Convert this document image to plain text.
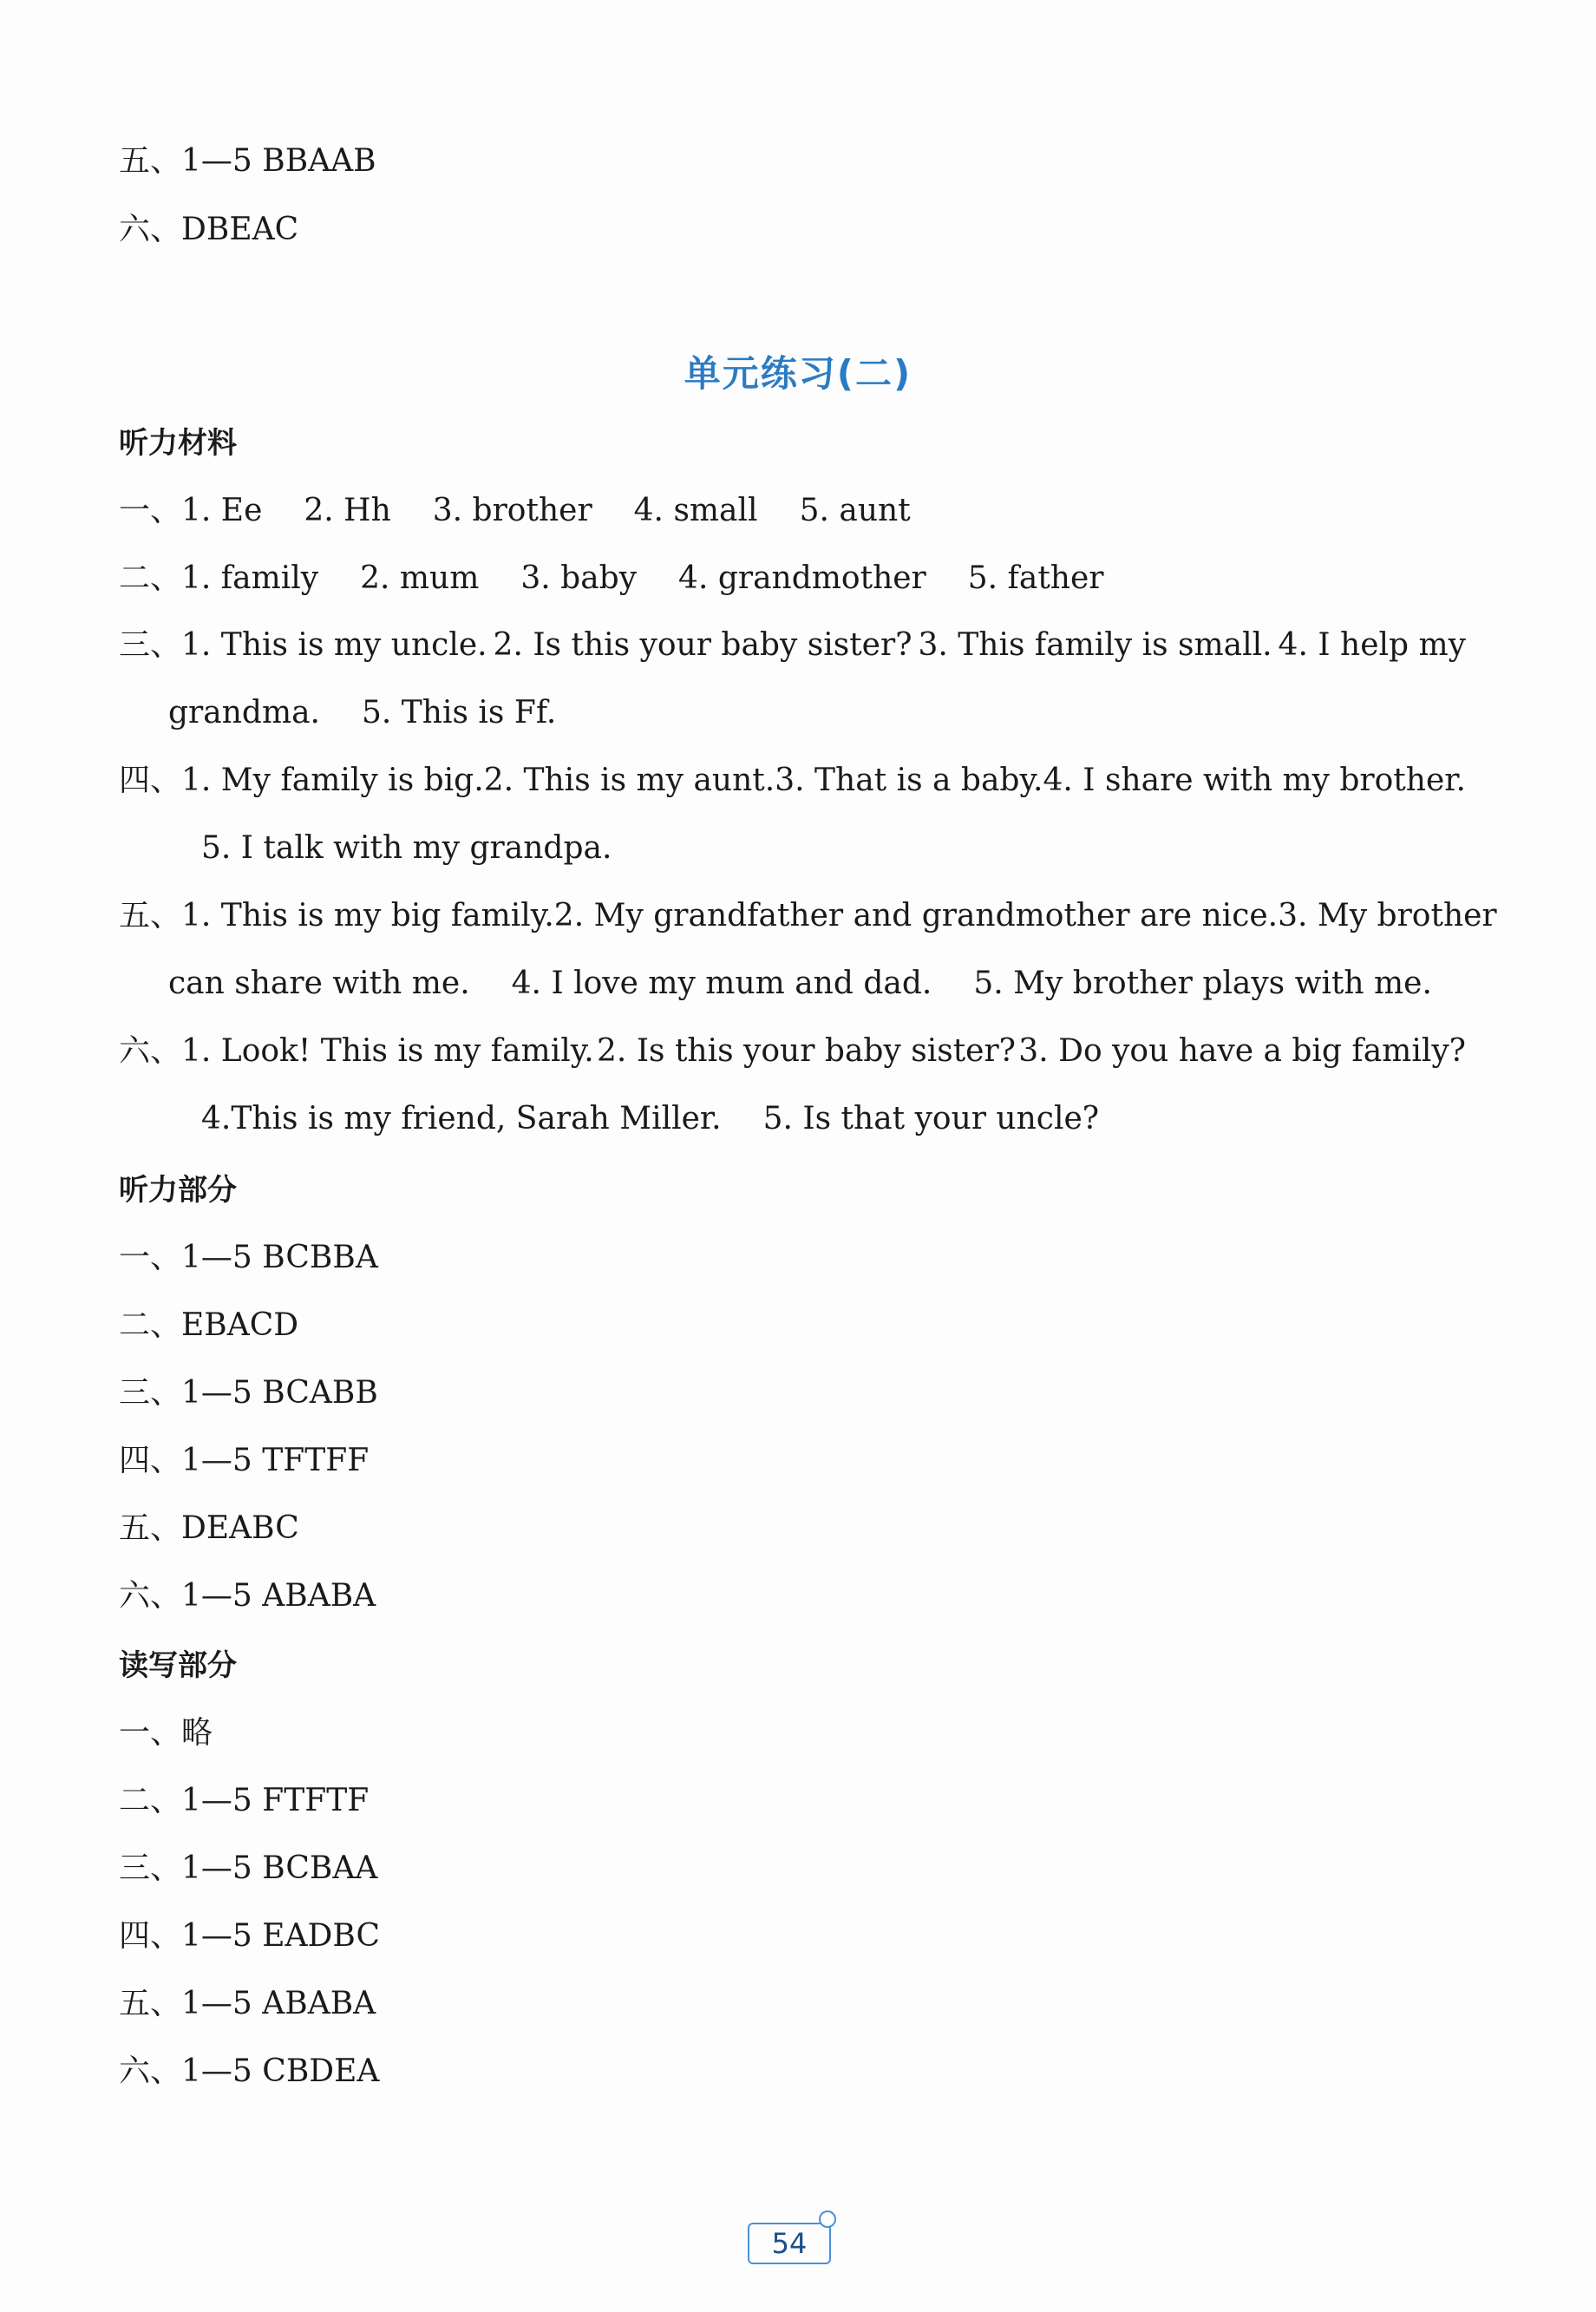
五、1—5 BBAAB
六、DBEAC
单元练习(二)
听力材料
一、1. Ee 2. Hh 3. brother 4. small 5. aunt
二、1. family 2. mum 3. baby 4. grandmother 5. father
三、1. This is my uncle. 2. Is this your baby sister? 3. This family is small. 4. I help my
grandma. 5. This is Ff.
四、1. My family is big. 2. This is my aunt. 3. That is a baby. 4. I share with my brother.
5. I talk with my grandpa.
五、1. This is my big family. 2. My grandfather and grandmother are nice. 3. My brother
can share with me. 4. I love my mum and dad. 5. My brother plays with me.
六、1. Look! This is my family. 2. Is this your baby sister? 3. Do you have a big family?
4.This is my friend, Sarah Miller. 5. Is that your uncle?
听力部分
一、1—5 BCBBA
二、EBACD
三、1—5 BCABB
四、1—5 TFTFF
五、DEABC
六、1—5 ABABA
读写部分
一、略
二、1—5 FTFTF
三、1—5 BCBAA
四、1—5 EADBC
五、1—5 ABABA
六、1—5 CBDEA
54
